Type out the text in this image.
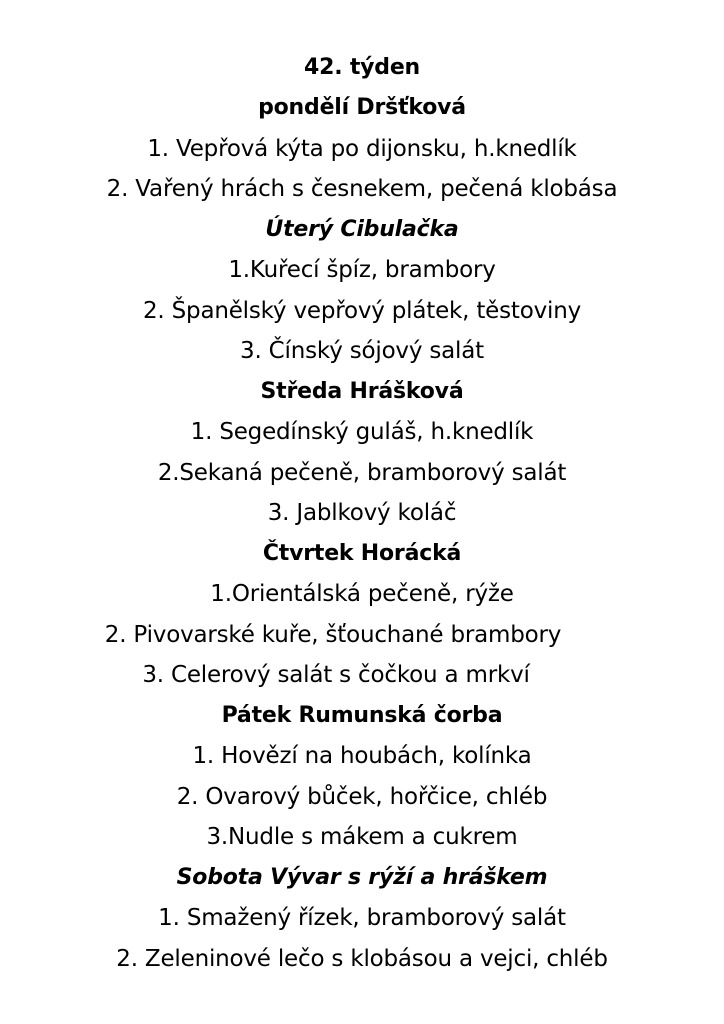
42. týden
pondělí Dršťková
1. Vepřová kýta po dijonsku, h.knedlík
2. Vařený hrách s česnekem, pečená klobása
Úterý Cibulačka
1.Kuřecí špíz, brambory
2. Španělský vepřový plátek, těstoviny
3. Čínský sójový salát
Středa Hrášková
1. Segedínský guláš, h.knedlík
2.Sekaná pečeně, bramborový salát
3. Jablkový koláč
Čtvrtek Horácká
1.Orientálská pečeně, rýže
2. Pivovarské kuře, šťouchané brambory
3. Celerový salát s čočkou a mrkví
Pátek Rumunská čorba
1. Hovězí na houbách, kolínka
2. Ovarový bůček, hořčice, chléb
3.Nudle s mákem a cukrem
Sobota Vývar s rýží a hráškem
1. Smažený řízek, bramborový salát
2. Zeleninové lečo s klobásou a vejci, chléb
